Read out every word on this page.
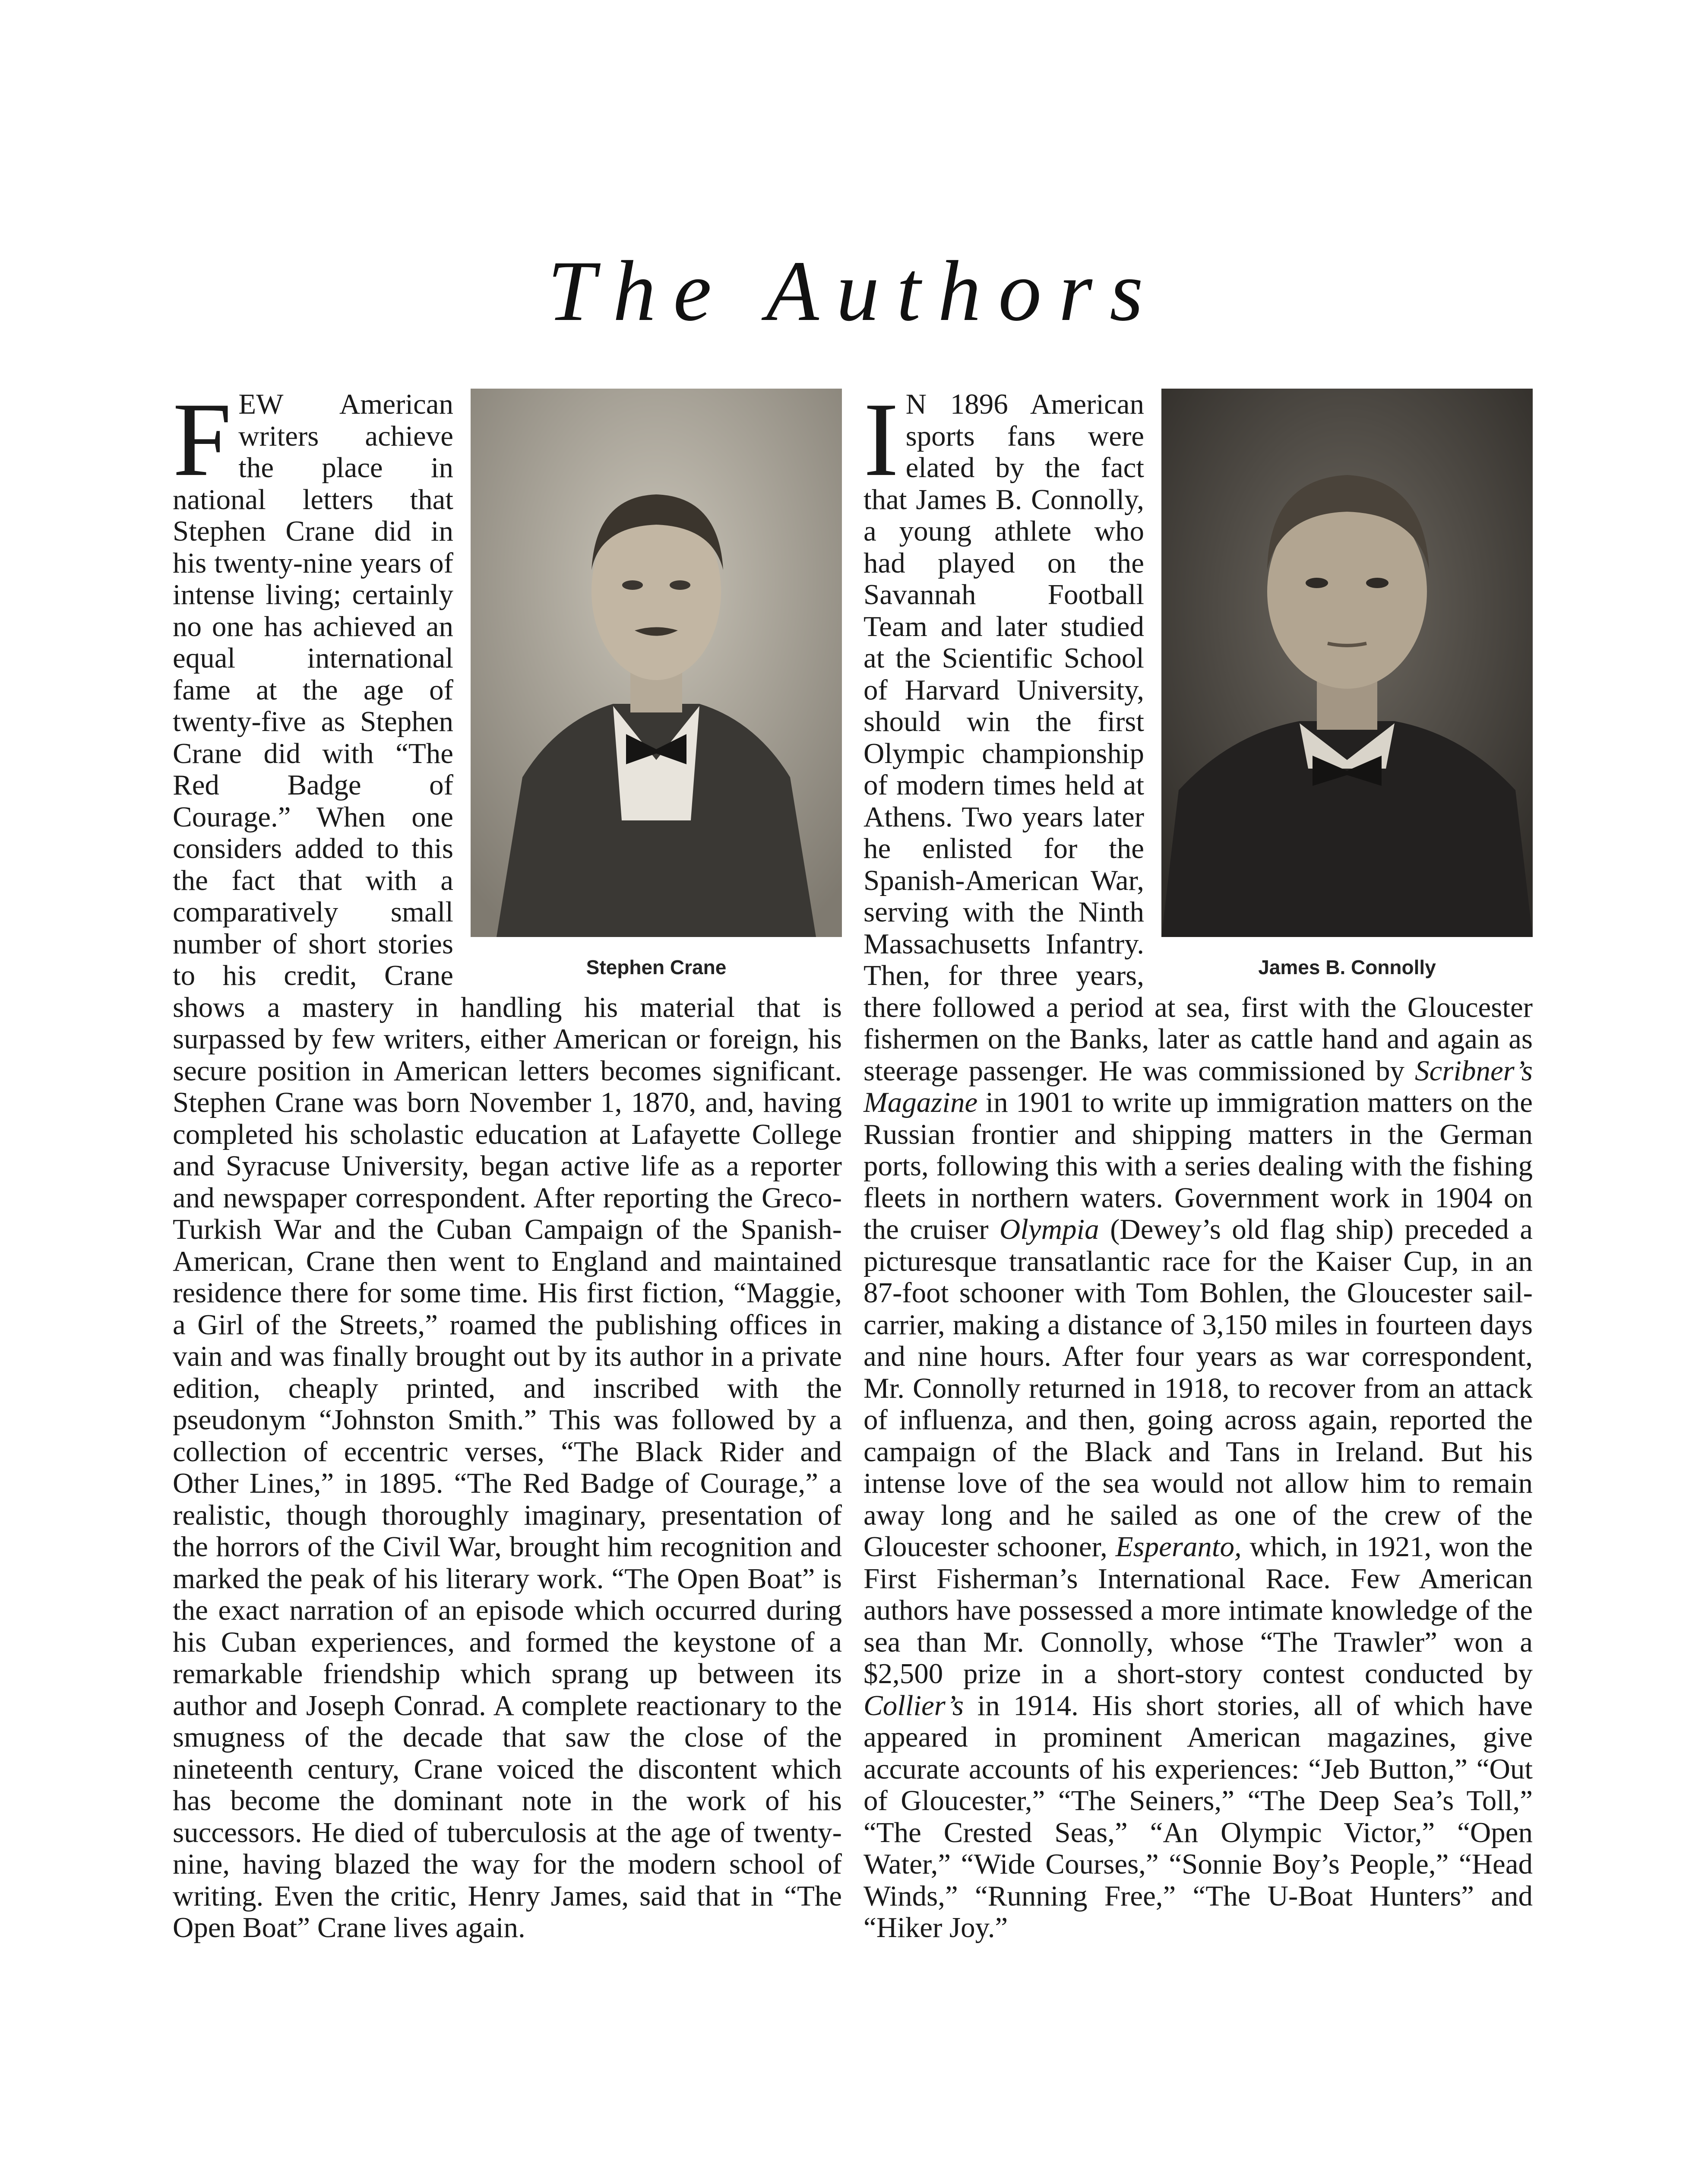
The Authors
Stephen Crane
F EW American writers achieve the place in national letters that Stephen Crane did in his twenty-nine years of intense living; certainly no one has achieved an equal international fame at the age of twenty-five as Stephen Crane did with “The Red Badge of Courage.” When one considers added to this the fact that with a comparatively small number of short stories to his credit, Crane shows a mastery in handling his material that is surpassed by few writers, either American or foreign, his secure position in American letters becomes significant. Stephen Crane was born November 1, 1870, and, having completed his scholastic education at Lafayette College and Syracuse University, began active life as a reporter and newspaper correspondent. After reporting the Greco-Turkish War and the Cuban Campaign of the Spanish-American, Crane then went to England and maintained residence there for some time. His first fiction, “Maggie, a Girl of the Streets,” roamed the publishing offices in vain and was finally brought out by its author in a private edition, cheaply printed, and inscribed with the pseudonym “Johnston Smith.” This was followed by a collection of eccentric verses, “The Black Rider and Other Lines,” in 1895. “The Red Badge of Courage,” a realistic, though thoroughly imaginary, presentation of the horrors of the Civil War, brought him recognition and marked the peak of his literary work. “The Open Boat” is the exact narration of an episode which occurred during his Cuban experiences, and formed the keystone of a remarkable friendship which sprang up between its author and Joseph Conrad. A complete reactionary to the smugness of the decade that saw the close of the nineteenth century, Crane voiced the discontent which has become the dominant note in the work of his successors. He died of tuberculosis at the age of twenty-nine, having blazed the way for the modern school of writing. Even the critic, Henry James, said that in “The Open Boat” Crane lives again.

James B. Connolly
I N 1896 American sports fans were elated by the fact that James B. Connolly, a young athlete who had played on the Savannah Football Team and later studied at the Scientific School of Harvard University, should win the first Olympic championship of modern times held at Athens. Two years later he enlisted for the Spanish-American War, serving with the Ninth Massachusetts Infantry. Then, for three years, there followed a period at sea, first with the Gloucester fishermen on the Banks, later as cattle hand and again as steerage passenger. He was commissioned by Scribner’s Magazine in 1901 to write up immigration matters on the Russian frontier and shipping matters in the German ports, following this with a series dealing with the fishing fleets in northern waters. Government work in 1904 on the cruiser Olympia (Dewey’s old flag ship) preceded a picturesque transatlantic race for the Kaiser Cup, in an 87-foot schooner with Tom Bohlen, the Gloucester sail-carrier, making a distance of 3,150 miles in fourteen days and nine hours. After four years as war correspondent, Mr. Connolly returned in 1918, to recover from an attack of influenza, and then, going across again, reported the campaign of the Black and Tans in Ireland. But his intense love of the sea would not allow him to remain away long and he sailed as one of the crew of the Gloucester schooner, Esperanto, which, in 1921, won the First Fisherman’s International Race. Few American authors have possessed a more intimate knowledge of the sea than Mr. Connolly, whose “The Trawler” won a $2,500 prize in a short-story contest conducted by Collier’s in 1914. His short stories, all of which have appeared in prominent American magazines, give accurate accounts of his experiences: “Jeb Button,” “Out of Gloucester,” “The Seiners,” “The Deep Sea’s Toll,” “The Crested Seas,” “An Olympic Victor,” “Open Water,” “Wide Courses,” “Sonnie Boy’s People,” “Head Winds,” “Running Free,” “The U-Boat Hunters” and “Hiker Joy.”
